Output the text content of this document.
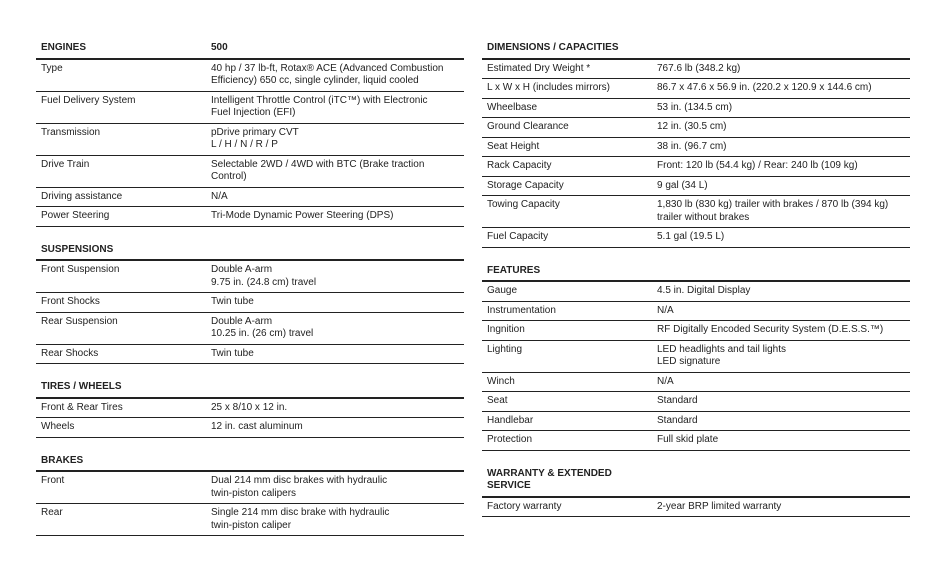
ENGINES	500
Type	40 hp / 37 lb-ft, Rotax® ACE (Advanced Combustion
Efficiency) 650 cc, single cylinder, liquid cooled
Fuel Delivery System	Intelligent Throttle Control (iTC™) with Electronic
Fuel Injection (EFI)
Transmission	pDrive primary CVT
L / H / N / R / P
Drive Train	Selectable 2WD / 4WD with BTC (Brake traction
Control)
Driving assistance	N/A
Power Steering	Tri-Mode Dynamic Power Steering (DPS)
SUSPENSIONS
Front Suspension	Double A-arm
9.75 in. (24.8 cm) travel
Front Shocks	Twin tube
Rear Suspension	Double A-arm
10.25 in. (26 cm) travel
Rear Shocks	Twin tube
TIRES / WHEELS
Front & Rear Tires	25 x 8/10 x 12 in.
Wheels	12 in. cast aluminum
BRAKES
Front	Dual 214 mm disc brakes with hydraulic
twin-piston calipers
Rear	Single 214 mm disc brake with hydraulic
twin-piston caliper
DIMENSIONS / CAPACITIES
Estimated Dry Weight *	767.6 lb (348.2 kg)
L x W x H (includes mirrors)	86.7 x 47.6 x 56.9 in. (220.2 x 120.9 x 144.6 cm)
Wheelbase	53 in. (134.5 cm)
Ground Clearance	12 in. (30.5 cm)
Seat Height	38 in. (96.7 cm)
Rack Capacity	Front: 120 lb (54.4 kg) / Rear: 240 lb (109 kg)
Storage Capacity	9 gal (34 L)
Towing Capacity	1,830 lb (830 kg) trailer with brakes / 870 lb (394 kg)
trailer without brakes
Fuel Capacity	5.1 gal (19.5 L)
FEATURES
Gauge	4.5 in. Digital Display
Instrumentation	N/A
Ingnition	RF Digitally Encoded Security System (D.E.S.S.™)
Lighting	LED headlights and tail lights
LED signature
Winch	N/A
Seat	Standard
Handlebar	Standard
Protection	Full skid plate
WARRANTY & EXTENDED SERVICE
Factory warranty	2-year BRP limited warranty
